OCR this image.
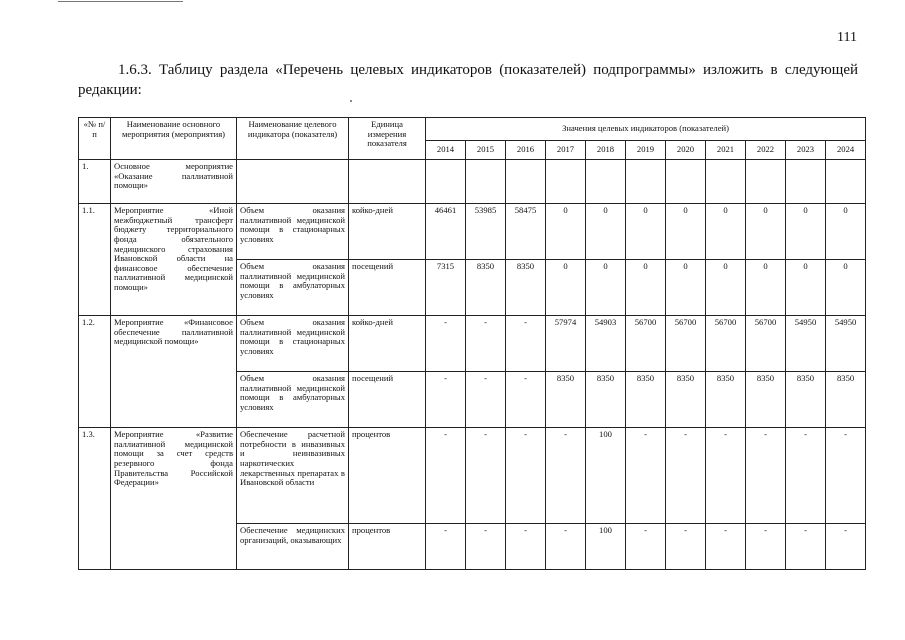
111
1.6.3. Таблицу раздела «Перечень целевых индикаторов (показателей) подпрограммы» изложить в следующей редакции:
«№ п/п	Наименование основного мероприятия (мероприятия)	Наименование целевого индикатора (показателя)	Единица измерения показателя	Значения целевых индикаторов (показателей)										
				2014	2015	2016	2017	2018	2019	2020	2021	2022	2023	2024
1.	Основное мероприятие «Оказание паллиативной помощи»													
1.1.	Мероприятие «Иной межбюджетный трансферт бюджету территориального фонда обязательного медицинского страхования Ивановской области на финансовое обеспечение паллиативной медицинской помощи»	Объем оказания паллиативной медицинской помощи в стационарных условиях	койко-дней	46461	53985	58475	0	0	0	0	0	0	0	0
		Объем оказания паллиативной медицинской помощи в амбулаторных условиях	посещений	7315	8350	8350	0	0	0	0	0	0	0	0
1.2.	Мероприятие «Финансовое обеспечение паллиативной медицинской помощи»	Объем оказания паллиативной медицинской помощи в стационарных условиях	койко-дней	-	-	-	57974	54903	56700	56700	56700	56700	54950	54950
		Объем оказания паллиативной медицинской помощи в амбулаторных условиях	посещений	-	-	-	8350	8350	8350	8350	8350	8350	8350	8350
1.3.	Мероприятие «Развитие паллиативной медицинской помощи за счет средств резервного фонда Правительства Российской Федерации»	Обеспечение расчетной потребности в инвазивных и неинвазивных наркотических лекарственных препаратах в Ивановской области	процентов	-	-	-	-	100	-	-	-	-	-	-
		Обеспечение медицинских организаций, оказывающих	процентов	-	-	-	-	100	-	-	-	-	-	-
